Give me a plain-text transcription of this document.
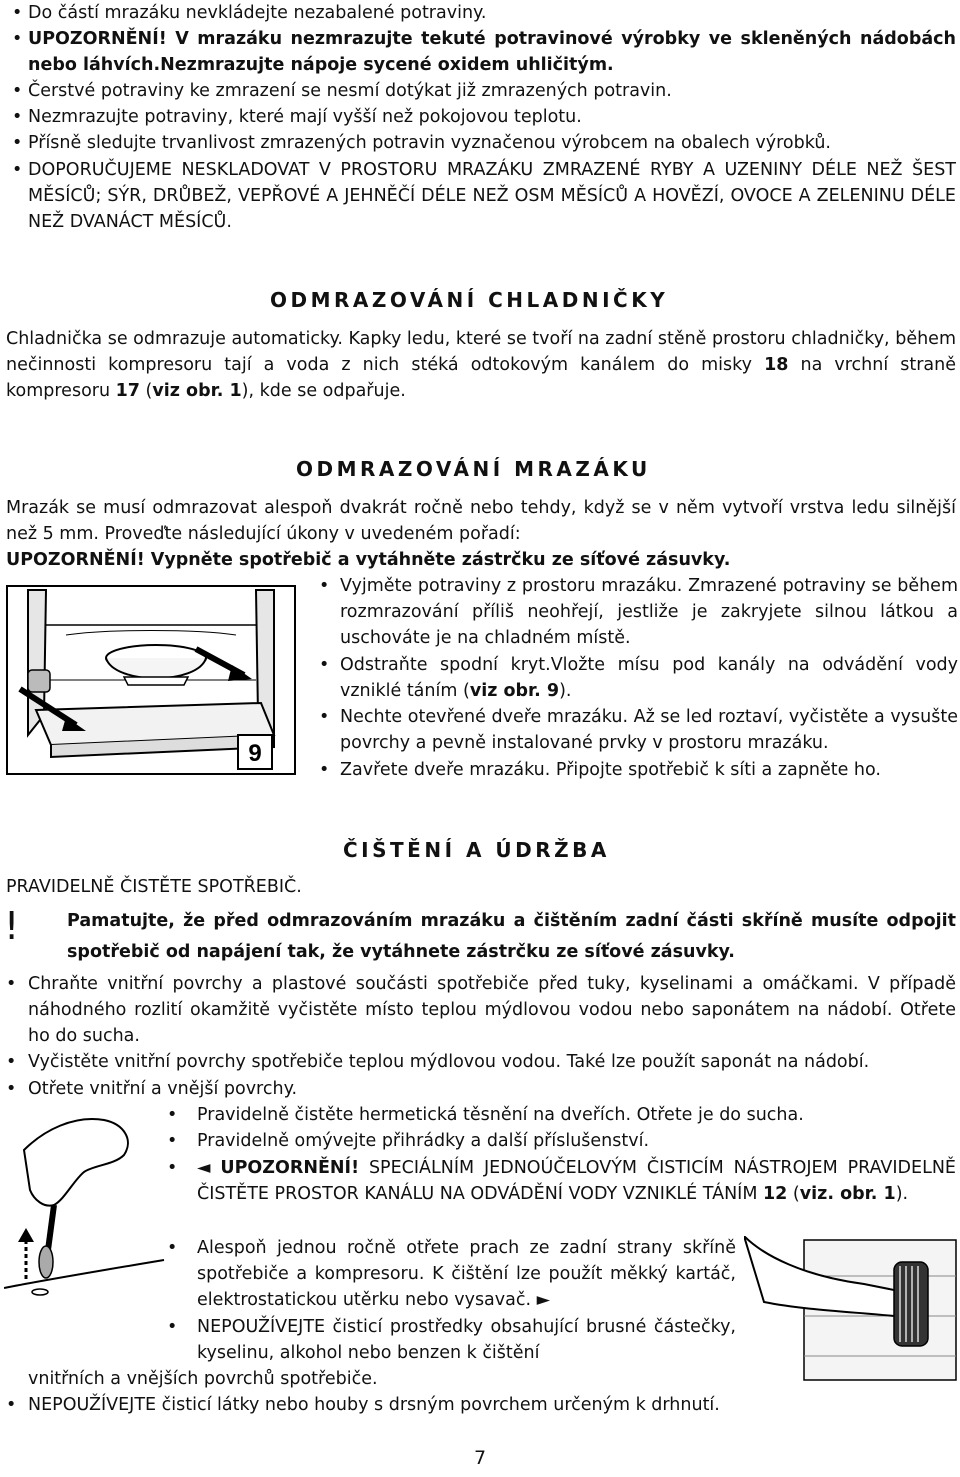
• Do částí mrazáku nevkládejte nezabalené potraviny.
• UPOZORNĚNÍ! V mrazáku nezmrazujte tekuté potravinové výrobky ve skleněných nádobách nebo láhvích.Nezmrazujte nápoje sycené oxidem uhličitým.
• Čerstvé potraviny ke zmrazení se nesmí dotýkat již zmrazených potravin.
• Nezmrazujte potraviny, které mají vyšší než pokojovou teplotu.
• Přísně sledujte trvanlivost zmrazených potravin vyznačenou výrobcem na obalech výrobků.
• DOPORUČUJEME NESKLADOVAT V PROSTORU MRAZÁKU ZMRAZENÉ RYBY A UZENINY DÉLE NEŽ ŠEST MĚSÍCŮ; SÝR, DRŮBEŽ, VEPŘOVÉ A JEHNĚČÍ DÉLE NEŽ OSM MĚSÍCŮ A HOVĚZÍ, OVOCE A ZELENINU DÉLE NEŽ DVANÁCT MĚSÍCŮ.
ODMRAZOVÁNÍ CHLADNIČKY
Chladnička se odmrazuje automaticky. Kapky ledu, které se tvoří na zadní stěně prostoru chladničky, během nečinnosti kompresoru tají a voda z nich stéká odtokovým kanálem do misky 18 na vrchní straně kompresoru 17 (viz obr. 1), kde se odpařuje.
ODMRAZOVÁNÍ MRAZÁKU
Mrazák se musí odmrazovat alespoň dvakrát ročně nebo tehdy, když se v něm vytvoří vrstva ledu silnější než 5 mm. Proveďte následující úkony v uvedeném pořadí:
UPOZORNĚNÍ! Vypněte spotřebič a vytáhněte zástrčku ze síťové zásuvky.
9
• Vyjměte potraviny z prostoru mrazáku. Zmrazené potraviny se během rozmrazování příliš neohřejí, jestliže je zakryjete silnou látkou a uschováte je na chladném místě.
• Odstraňte spodní kryt.Vložte mísu pod kanály na odvádění vody vzniklé táním (viz obr. 9).
• Nechte otevřené dveře mrazáku. Až se led roztaví, vyčistěte a vysušte povrchy a pevně instalované prvky v prostoru mrazáku.
• Zavřete dveře mrazáku. Připojte spotřebič k síti a zapněte ho.
ČIŠTĚNÍ A ÚDRŽBA
PRAVIDELNĚ ČISTĚTE SPOTŘEBIČ.
!	Pamatujte, že před odmrazováním mrazáku a čištěním zadní části skříně musíte odpojit spotřebič od napájení tak, že vytáhnete zástrčku ze síťové zásuvky.
• Chraňte vnitřní povrchy a plastové součásti spotřebiče před tuky, kyselinami a omáčkami. V případě náhodného rozlití okamžitě vyčistěte místo teplou mýdlovou vodou nebo saponátem na nádobí. Otřete ho do sucha.
• Vyčistěte vnitřní povrchy spotřebiče teplou mýdlovou vodou. Také lze použít saponát na nádobí.
• Otřete vnitřní a vnější povrchy.
• Pravidelně čistěte hermetická těsnění na dveřích. Otřete je do sucha.
• Pravidelně omývejte přihrádky a další příslušenství.
• ◄ UPOZORNĚNÍ! SPECIÁLNÍM JEDNOÚČELOVÝM ČISTICÍM NÁSTROJEM PRAVIDELNĚ ČISTĚTE PROSTOR KANÁLU NA ODVÁDĚNÍ VODY VZNIKLÉ TÁNÍM 12 (viz. obr. 1).
• Alespoň jednou ročně otřete prach ze zadní strany skříně spotřebiče a kompresoru. K čištění lze použít měkký kartáč, elektrostatickou utěrku nebo vysavač. ►
• NEPOUŽÍVEJTE čisticí prostředky obsahující brusné částečky, kyselinu, alkohol nebo benzen k čištění
vnitřních a vnějších povrchů spotřebiče.
• NEPOUŽÍVEJTE čisticí látky nebo houby s drsným povrchem určeným k drhnutí.
7
